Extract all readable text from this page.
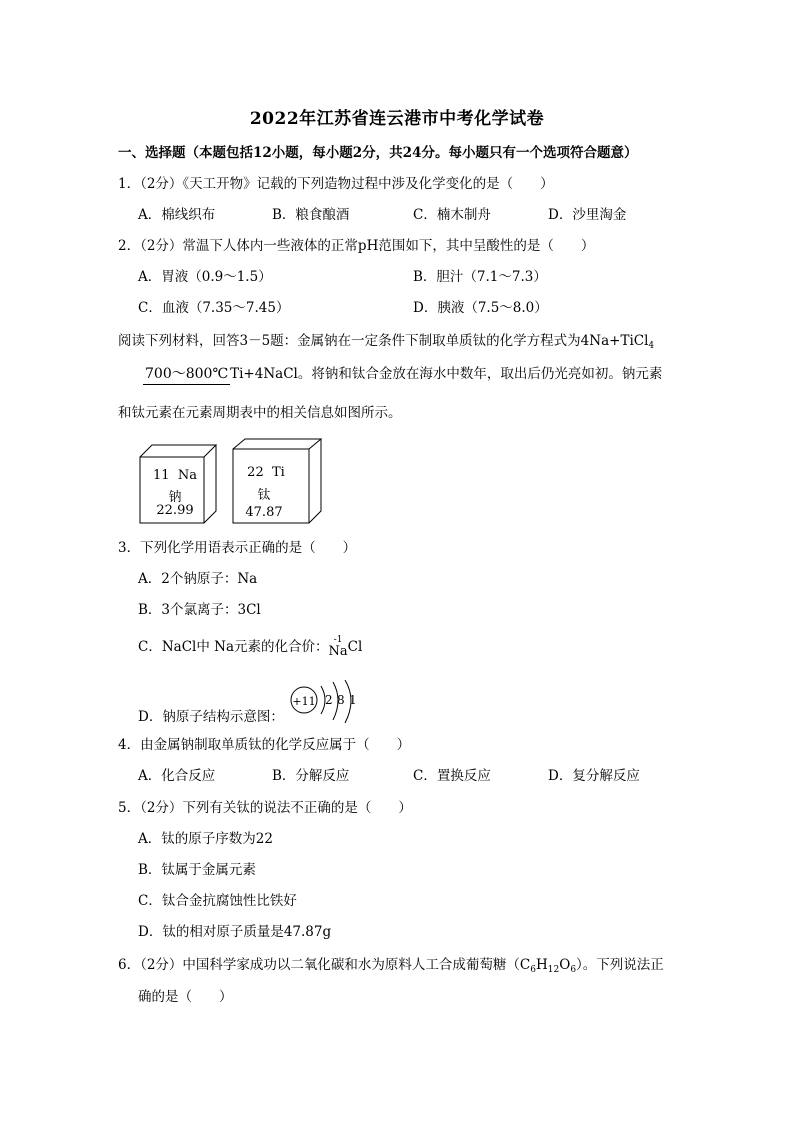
2022年江苏省连云港市中考化学试卷
一、选择题（本题包括12小题，每小题2分，共24分。每小题只有一个选项符合题意）
1．（2分）《天工开物》记载的下列造物过程中涉及化学变化的是（　　）
A．棉线织布	B．粮食酿酒	C．楠木制舟	D．沙里淘金
2．（2分）常温下人体内一些液体的正常pH范围如下，其中呈酸性的是（　　）
A．胃液（0.9～1.5）	B．胆汁（7.1～7.3）
C．血液（7.35～7.45）	D．胰液（7.5～8.0）
阅读下列材料，回答3－5题：金属钠在一定条件下制取单质钛的化学方程式为4Na+TiCl$_4$
700～800℃ Ti+4NaCl。将钠和钛合金放在海水中数年，取出后仍光亮如初。钠元素
和钛元素在元素周期表中的相关信息如图所示。
11 Na
钠
22.99
22 Ti
钛
47.87
3．下列化学用语表示正确的是（　　）
A．2个钠原子：Na
B．3个氯离子：3Cl
C．NaCl中 Na元素的化合价： -1
Na Cl
+11 2 8 1
D．钠原子结构示意图：
4．由金属钠制取单质钛的化学反应属于（　　）
A．化合反应	B．分解反应	C．置换反应	D．复分解反应
5．（2分）下列有关钛的说法不正确的是（　　）
A．钛的原子序数为22
B．钛属于金属元素
C．钛合金抗腐蚀性比铁好
D．钛的相对原子质量是47.87g
6．（2分）中国科学家成功以二氧化碳和水为原料人工合成葡萄糖$(C_6H_{12}O_6)$。下列说法正
确的是（　　）
